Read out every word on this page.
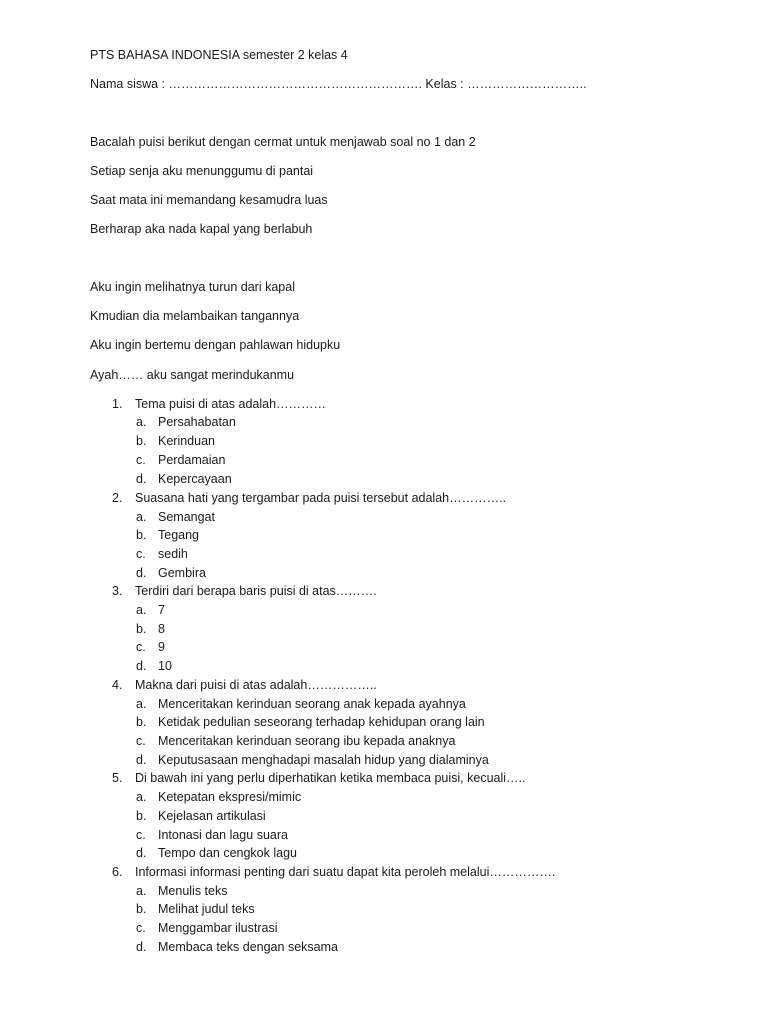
PTS BAHASA INDONESIA semester 2 kelas 4
Nama siswa : ……………………………………………………. Kelas : ………………………..
Bacalah puisi berikut dengan cermat untuk menjawab soal no 1 dan 2
Setiap senja aku menunggumu di pantai
Saat mata ini memandang kesamudra luas
Berharap aka nada kapal yang berlabuh
Aku ingin melihatnya turun dari kapal
Kmudian dia melambaikan tangannya
Aku ingin bertemu dengan pahlawan hidupku
Ayah…… aku sangat merindukanmu
1. Tema puisi di atas adalah…………
a. Persahabatan
b. Kerinduan
c. Perdamaian
d. Kepercayaan
2. Suasana hati yang tergambar pada puisi tersebut adalah…………..
a. Semangat
b. Tegang
c. sedih
d. Gembira
3. Terdiri dari berapa baris puisi di atas……….
a. 7
b. 8
c. 9
d. 10
4. Makna dari puisi di atas adalah……………..
a. Menceritakan kerinduan seorang anak kepada ayahnya
b. Ketidak pedulian seseorang terhadap kehidupan orang lain
c. Menceritakan kerinduan seorang ibu kepada anaknya
d. Keputusasaan menghadapi masalah hidup yang dialaminya
5. Di bawah ini yang perlu diperhatikan ketika membaca puisi, kecuali…..
a. Ketepatan ekspresi/mimic
b. Kejelasan artikulasi
c. Intonasi dan lagu suara
d. Tempo dan cengkok lagu
6. Informasi informasi penting dari suatu dapat kita peroleh melalui…………….
a. Menulis teks
b. Melihat judul teks
c. Menggambar ilustrasi
d. Membaca teks dengan seksama
